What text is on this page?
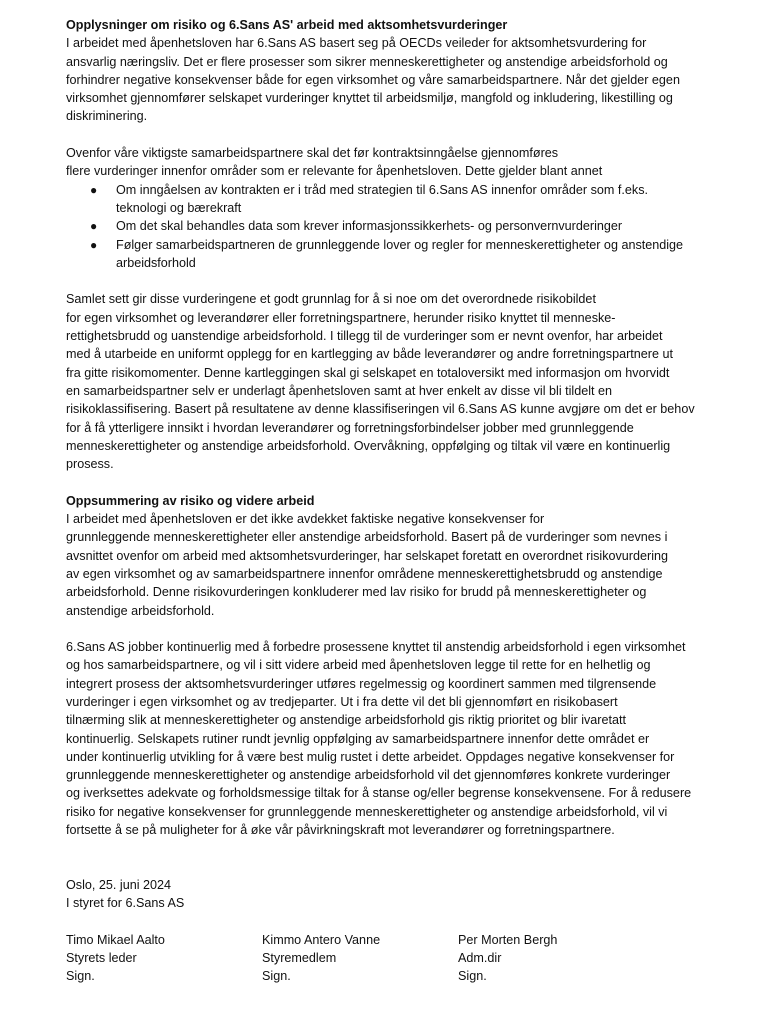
Opplysninger om risiko og 6.Sans AS' arbeid med aktsomhetsvurderinger
I arbeidet med åpenhetsloven har 6.Sans AS basert seg på OECDs veileder for aktsomhetsvurdering for
ansvarlig næringsliv. Det er flere prosesser som sikrer menneskerettigheter og anstendige arbeidsforhold og
forhindrer negative konsekvenser både for egen virksomhet og våre samarbeidspartnere. Når det gjelder egen
virksomhet gjennomfører selskapet vurderinger knyttet til arbeidsmiljø, mangfold og inkludering, likestilling og
diskriminering.
Ovenfor våre viktigste samarbeidspartnere skal det før kontraktsinngåelse gjennomføres
flere vurderinger innenfor områder som er relevante for åpenhetsloven. Dette gjelder blant annet
● Om inngåelsen av kontrakten er i tråd med strategien til 6.Sans AS innenfor områder som f.eks.
teknologi og bærekraft
● Om det skal behandles data som krever informasjonssikkerhets- og personvernvurderinger
● Følger samarbeidspartneren de grunnleggende lover og regler for menneskerettigheter og anstendige
arbeidsforhold
Samlet sett gir disse vurderingene et godt grunnlag for å si noe om det overordnede risikobildet
for egen virksomhet og leverandører eller forretningspartnere, herunder risiko knyttet til menneske-
rettighetsbrudd og uanstendige arbeidsforhold. I tillegg til de vurderinger som er nevnt ovenfor, har arbeidet
med å utarbeide en uniformt opplegg for en kartlegging av både leverandører og andre forretningspartnere ut
fra gitte risikomomenter. Denne kartleggingen skal gi selskapet en totaloversikt med informasjon om hvorvidt
en samarbeidspartner selv er underlagt åpenhetsloven samt at hver enkelt av disse vil bli tildelt en
risikoklassifisering. Basert på resultatene av denne klassifiseringen vil 6.Sans AS kunne avgjøre om det er behov
for å få ytterligere innsikt i hvordan leverandører og forretningsforbindelser jobber med grunnleggende
menneskerettigheter og anstendige arbeidsforhold. Overvåkning, oppfølging og tiltak vil være en kontinuerlig
prosess.
Oppsummering av risiko og videre arbeid
I arbeidet med åpenhetsloven er det ikke avdekket faktiske negative konsekvenser for
grunnleggende menneskerettigheter eller anstendige arbeidsforhold. Basert på de vurderinger som nevnes i
avsnittet ovenfor om arbeid med aktsomhetsvurderinger, har selskapet foretatt en overordnet risikovurdering
av egen virksomhet og av samarbeidspartnere innenfor områdene menneskerettighetsbrudd og anstendige
arbeidsforhold. Denne risikovurderingen konkluderer med lav risiko for brudd på menneskerettigheter og
anstendige arbeidsforhold.
6.Sans AS jobber kontinuerlig med å forbedre prosessene knyttet til anstendig arbeidsforhold i egen virksomhet
og hos samarbeidspartnere, og vil i sitt videre arbeid med åpenhetsloven legge til rette for en helhetlig og
integrert prosess der aktsomhetsvurderinger utføres regelmessig og koordinert sammen med tilgrensende
vurderinger i egen virksomhet og av tredjeparter. Ut i fra dette vil det bli gjennomført en risikobasert
tilnærming slik at menneskerettigheter og anstendige arbeidsforhold gis riktig prioritet og blir ivaretatt
kontinuerlig. Selskapets rutiner rundt jevnlig oppfølging av samarbeidspartnere innenfor dette området er
under kontinuerlig utvikling for å være best mulig rustet i dette arbeidet. Oppdages negative konsekvenser for
grunnleggende menneskerettigheter og anstendige arbeidsforhold vil det gjennomføres konkrete vurderinger
og iverksettes adekvate og forholdsmessige tiltak for å stanse og/eller begrense konsekvensene. For å redusere
risiko for negative konsekvenser for grunnleggende menneskerettigheter og anstendige arbeidsforhold, vil vi
fortsette å se på muligheter for å øke vår påvirkningskraft mot leverandører og forretningspartnere.
Oslo, 25. juni 2024
I styret for 6.Sans AS
Timo Mikael Aalto
Styrets leder
Sign.
Kimmo Antero Vanne
Styremedlem
Sign.
Per Morten Bergh
Adm.dir
Sign.
